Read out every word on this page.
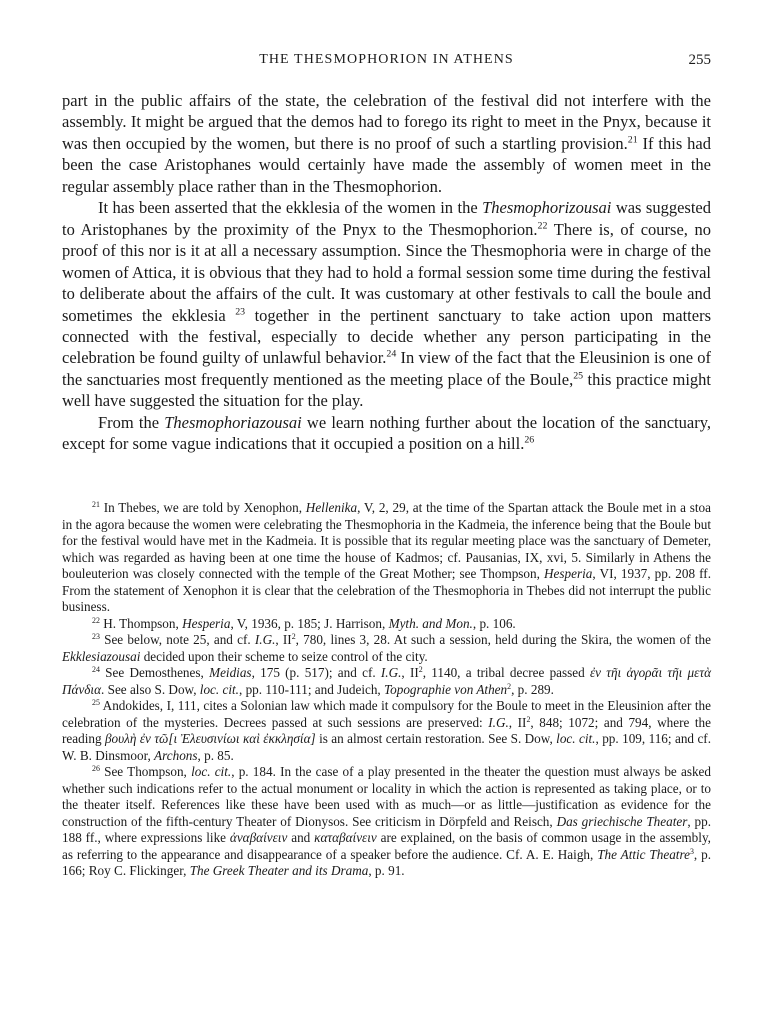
THE THESMOPHORION IN ATHENS	255

part in the public affairs of the state, the celebration of the festival did not interfere with the assembly. It might be argued that the demos had to forego its right to meet in the Pnyx, because it was then occupied by the women, but there is no proof of such a startling provision.$^{21}$ If this had been the case Aristophanes would certainly have made the assembly of women meet in the regular assembly place rather than in the Thesmophorion.

It has been asserted that the ekklesia of the women in the Thesmophorizousai was suggested to Aristophanes by the proximity of the Pnyx to the Thesmophorion.$^{22}$ There is, of course, no proof of this nor is it at all a necessary assumption. Since the Thesmophoria were in charge of the women of Attica, it is obvious that they had to hold a formal session some time during the festival to deliberate about the affairs of the cult. It was customary at other festivals to call the boule and sometimes the ekklesia $^{23}$ together in the pertinent sanctuary to take action upon matters connected with the festival, especially to decide whether any person participating in the celebration be found guilty of unlawful behavior.$^{24}$ In view of the fact that the Eleusinion is one of the sanctuaries most frequently mentioned as the meeting place of the Boule,$^{25}$ this practice might well have suggested the situation for the play.

From the Thesmophoriazousai we learn nothing further about the location of the sanctuary, except for some vague indications that it occupied a position on a hill.$^{26}$

$^{21}$ In Thebes, we are told by Xenophon, Hellenika, V, 2, 29, at the time of the Spartan attack the Boule met in a stoa in the agora because the women were celebrating the Thesmophoria in the Kadmeia, the inference being that the Boule but for the festival would have met in the Kadmeia. It is possible that its regular meeting place was the sanctuary of Demeter, which was regarded as having been at one time the house of Kadmos; cf. Pausanias, IX, xvi, 5. Similarly in Athens the bouleuterion was closely connected with the temple of the Great Mother; see Thompson, Hesperia, VI, 1937, pp. 208 ff. From the statement of Xenophon it is clear that the celebration of the Thesmophoria in Thebes did not interrupt the public business.

$^{22}$ H. Thompson, Hesperia, V, 1936, p. 185; J. Harrison, Myth. and Mon., p. 106.

$^{23}$ See below, note 25, and cf. I.G., $II^2$, 780, lines 3, 28. At such a session, held during the Skira, the women of the Ekklesiazousai decided upon their scheme to seize control of the city.

$^{24}$ See Demosthenes, Meidias, 175 (p. 517); and cf. I.G., $II^2$, 1140, a tribal decree passed ἐν τῆι ἀγορᾶι τῆι μετὰ Πάνδια. See also S. Dow, loc. cit., pp. 110-111; and Judeich, Topographie von Athen$^2$, p. 289.

$^{25}$ Andokides, I, 111, cites a Solonian law which made it compulsory for the Boule to meet in the Eleusinion after the celebration of the mysteries. Decrees passed at such sessions are preserved: I.G., $II^2$, 848; 1072; and 794, where the reading βουλὴ ἐν τῶ[ι Ἐλευσινίωι καὶ ἐκκλησία] is an almost certain restoration. See S. Dow, loc. cit., pp. 109, 116; and cf. W. B. Dinsmoor, Archons, p. 85.

$^{26}$ See Thompson, loc. cit., p. 184. In the case of a play presented in the theater the question must always be asked whether such indications refer to the actual monument or locality in which the action is represented as taking place, or to the theater itself. References like these have been used with as much—or as little—justification as evidence for the construction of the fifth-century Theater of Dionysos. See criticism in Dörpfeld and Reisch, Das griechische Theater, pp. 188 ff., where expressions like ἀναβαίνειν and καταβαίνειν are explained, on the basis of common usage in the assembly, as referring to the appearance and disappearance of a speaker before the audience. Cf. A. E. Haigh, The Attic Theatre$^3$, p. 166; Roy C. Flickinger, The Greek Theater and its Drama, p. 91.
